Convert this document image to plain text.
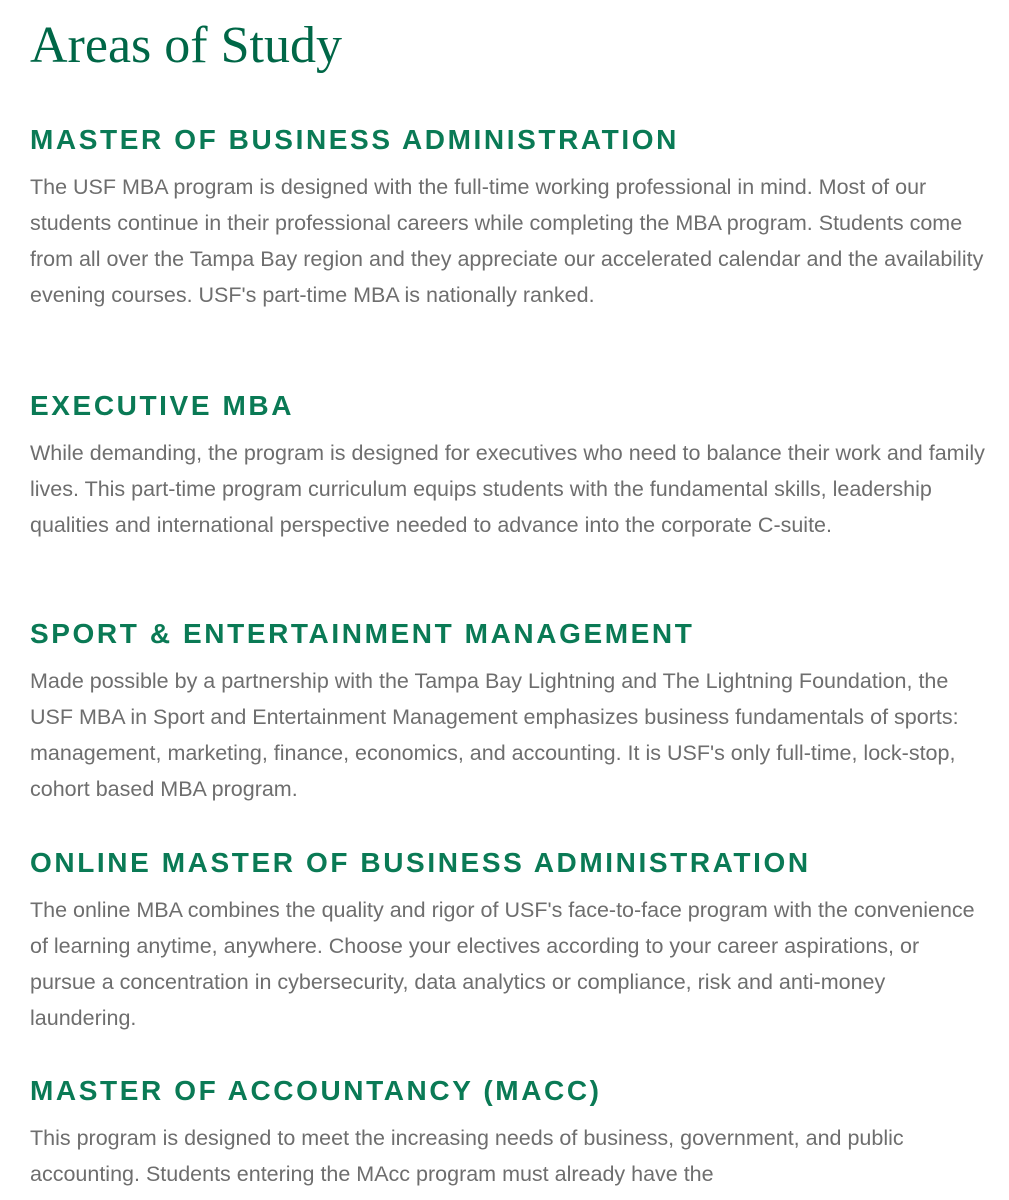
Areas of Study
MASTER OF BUSINESS ADMINISTRATION

The USF MBA program is designed with the full-time working professional in mind. Most of our students continue in their professional careers while completing the MBA program. Students come from all over the Tampa Bay region and they appreciate our accelerated calendar and the availability evening courses. USF's part-time MBA is nationally ranked.

EXECUTIVE MBA

While demanding, the program is designed for executives who need to balance their work and family lives. This part-time program curriculum equips students with the fundamental skills, leadership qualities and international perspective needed to advance into the corporate C-suite.

SPORT & ENTERTAINMENT MANAGEMENT

Made possible by a partnership with the Tampa Bay Lightning and The Lightning Foundation, the USF MBA in Sport and Entertainment Management emphasizes business fundamentals of sports: management, marketing, finance, economics, and accounting. It is USF's only full-time, lock-stop, cohort based MBA program.

ONLINE MASTER OF BUSINESS ADMINISTRATION

The online MBA combines the quality and rigor of USF's face-to-face program with the convenience of learning anytime, anywhere. Choose your electives according to your career aspirations, or pursue a concentration in cybersecurity, data analytics or compliance, risk and anti-money laundering.

MASTER OF ACCOUNTANCY (MACC)

This program is designed to meet the increasing needs of business, government, and public accounting. Students entering the MAcc program must already have the
